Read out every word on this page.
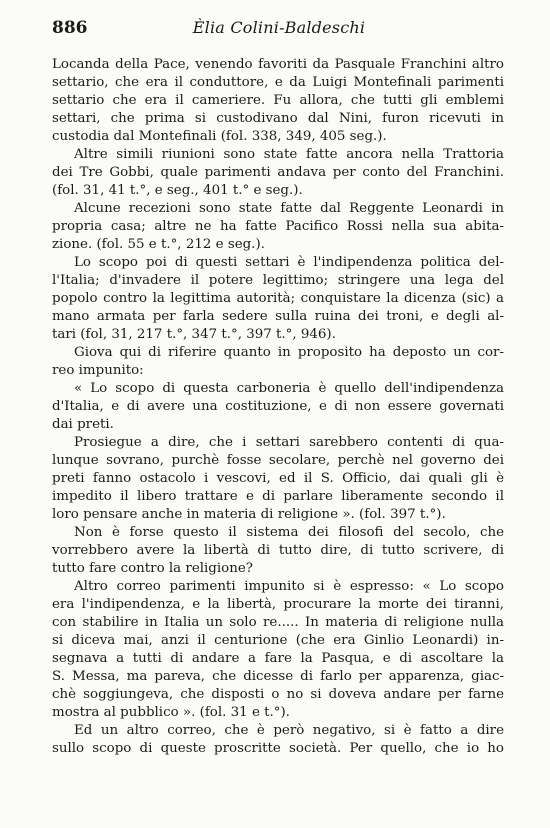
886	Èlia Colini-Baldeschi
Locanda della Pace, venendo favoriti da Pasquale Franchini altro
settario, che era il conduttore, e da Luigi Montefinali parimenti
settario che era il cameriere. Fu allora, che tutti gli emblemi
settari, che prima si custodivano dal Nini, furon ricevuti in
custodia dal Montefinali (fol. 338, 349, 405 seg.).
Altre simili riunioni sono state fatte ancora nella Trattoria
dei Tre Gobbi, quale parimenti andava per conto del Franchini.
(fol. 31, 41 t.°, e seg., 401 t.° e seg.).
Alcune recezioni sono state fatte dal Reggente Leonardi in
propria casa; altre ne ha fatte Pacifico Rossi nella sua abita-
zione. (fol. 55 e t.°, 212 e seg.).
Lo scopo poi di questi settari è l'indipendenza politica del-
l'Italia; d'invadere il potere legittimo; stringere una lega del
popolo contro la legittima autorità; conquistare la dicenza (sic) a
mano armata per farla sedere sulla ruina dei troni, e degli al-
tari (fol, 31, 217 t.°, 347 t.°, 397 t.°, 946).
Giova qui di riferire quanto in proposito ha deposto un cor-
reo impunito:
« Lo scopo di questa carboneria è quello dell'indipendenza
d'Italia, e di avere una costituzione, e di non essere governati
dai preti.
Prosiegue a dire, che i settari sarebbero contenti di qua-
lunque sovrano, purchè fosse secolare, perchè nel governo dei
preti fanno ostacolo i vescovi, ed il S. Officio, dai quali gli è
impedito il libero trattare e di parlare liberamente secondo il
loro pensare anche in materia di religione ». (fol. 397 t.°).
Non è forse questo il sistema dei filosofi del secolo, che
vorrebbero avere la libertà di tutto dire, di tutto scrivere, di
tutto fare contro la religione?
Altro correo parimenti impunito si è espresso: « Lo scopo
era l'indipendenza, e la libertà, procurare la morte dei tiranni,
con stabilire in Italia un solo re..... In materia di religione nulla
si diceva mai, anzi il centurione (che era Ginlio Leonardi) in-
segnava a tutti di andare a fare la Pasqua, e di ascoltare la
S. Messa, ma pareva, che dicesse di farlo per apparenza, giac-
chè soggiungeva, che disposti o no si doveva andare per farne
mostra al pubblico ». (fol. 31 e t.°).
Ed un altro correo, che è però negativo, si è fatto a dire
sullo scopo di queste proscritte società. Per quello, che io ho
